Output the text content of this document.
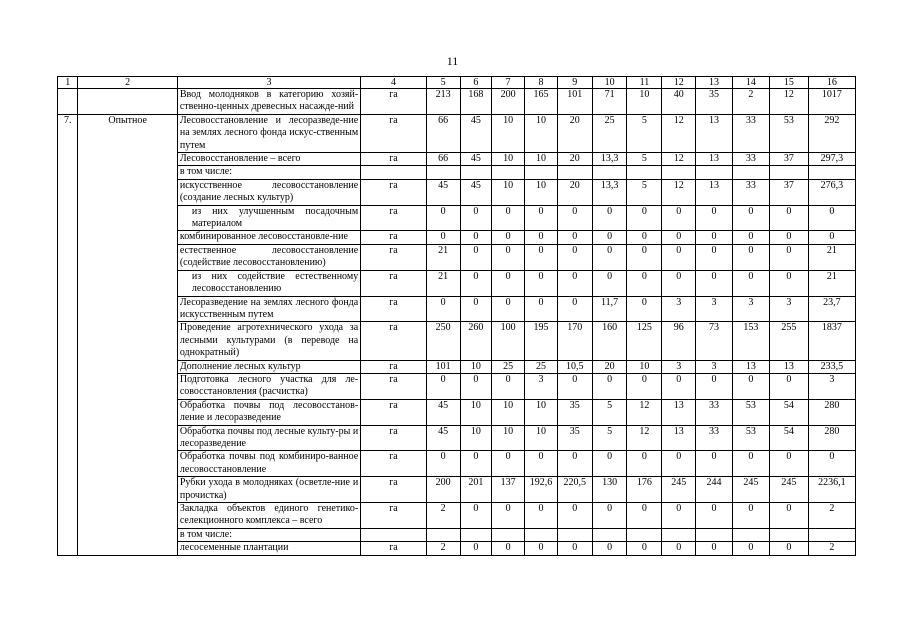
11
1	2	3	4	5	6	7	8	9	10	11	12	13	14	15	16
		Ввод молодняков в категорию хозяй-ственно-ценных древесных насажде-ний	га	213	168	200	165	101	71	10	40	35	2	12	1017
7.	Опытное	Лесовосстановление и лесоразведе-ние на землях лесного фонда искус-ственным путем	га	66	45	10	10	20	25	5	12	13	33	53	292
		Лесовосстановление – всего	га	66	45	10	10	20	13,3	5	12	13	33	37	297,3
		в том числе:													
		искусственное лесовосстановление (создание лесных культур)	га	45	45	10	10	20	13,3	5	12	13	33	37	276,3
		из них улучшенным посадочным материалом	га	0	0	0	0	0	0	0	0	0	0	0	0
		комбинированное лесовосстановле-ние	га	0	0	0	0	0	0	0	0	0	0	0	0
		естественное лесовосстановление (содействие лесовосстановлению)	га	21	0	0	0	0	0	0	0	0	0	0	21
		из них содействие естественному лесовосстановлению	га	21	0	0	0	0	0	0	0	0	0	0	21
		Лесоразведение на землях лесного фонда искусственным путем	га	0	0	0	0	0	11,7	0	3	3	3	3	23,7
		Проведение агротехнического ухода за лесными культурами (в переводе на однократный)	га	250	260	100	195	170	160	125	96	73	153	255	1837
		Дополнение лесных культур	га	101	10	25	25	10,5	20	10	3	3	13	13	233,5
		Подготовка лесного участка для ле-совосстановления (расчистка)	га	0	0	0	3	0	0	0	0	0	0	0	3
		Обработка почвы под лесовосстанов-ление и лесоразведение	га	45	10	10	10	35	5	12	13	33	53	54	280
		Обработка почвы под лесные культу-ры и лесоразведение	га	45	10	10	10	35	5	12	13	33	53	54	280
		Обработка почвы под комбиниро-ванное лесовосстановление	га	0	0	0	0	0	0	0	0	0	0	0	0
		Рубки ухода в молодняках (осветле-ние и прочистка)	га	200	201	137	192,6	220,5	130	176	245	244	245	245	2236,1
		Закладка объектов единого генетико-селекционного комплекса – всего	га	2	0	0	0	0	0	0	0	0	0	0	2
		в том числе:													
		лесосеменные плантации	га	2	0	0	0	0	0	0	0	0	0	0	2
